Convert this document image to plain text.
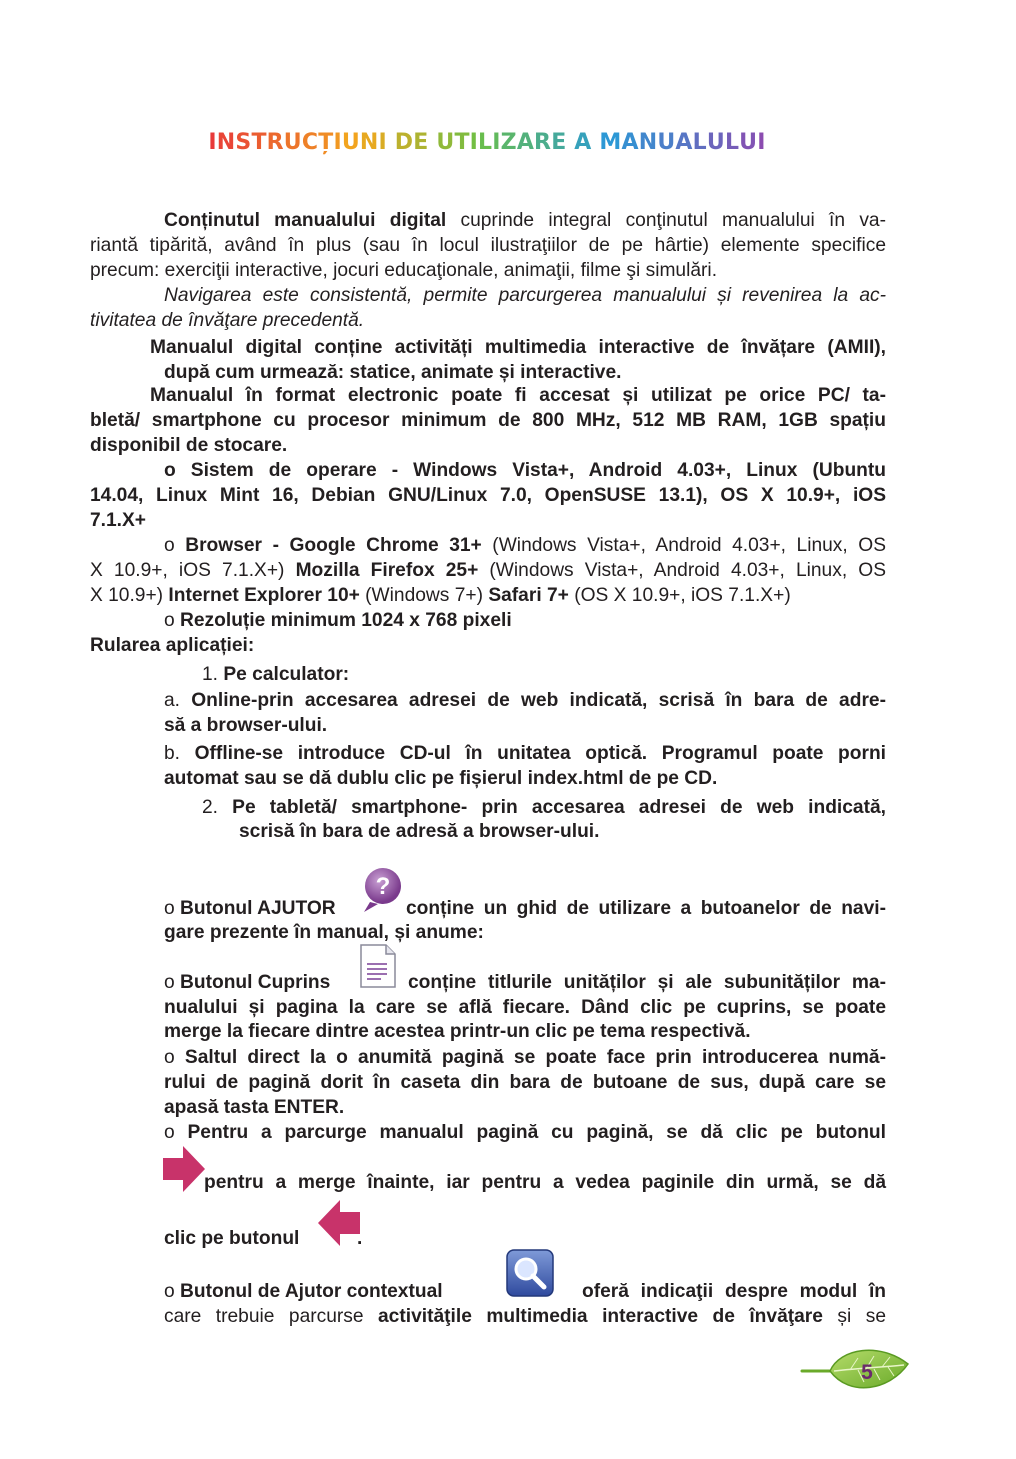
INSTRUCȚIUNI DE UTILIZARE A MANUALULUI
Conținutul manualului digital cuprinde integral conţinutul manualului în va-
riantă tipărită, având în plus (sau în locul ilustraţiilor de pe hârtie) elemente specifice
precum: exerciţii interactive, jocuri educaţionale, animaţii, filme şi simulări.
Navigarea este consistentă, permite parcurgerea manualului și revenirea la ac-
tivitatea de învăţare precedentă.
Manualul digital conține activități multimedia interactive de învățare (AMII),
după cum urmează: statice, animate și interactive.
Manualul în format electronic poate fi accesat și utilizat pe orice PC/ ta-
bletă/ smartphone cu procesor minimum de 800 MHz, 512 MB RAM, 1GB spațiu
disponibil de stocare.
o Sistem de operare - Windows Vista+, Android 4.03+, Linux (Ubuntu
14.04, Linux Mint 16, Debian GNU/Linux 7.0, OpenSUSE 13.1), OS X 10.9+, iOS
7.1.X+
o Browser - Google Chrome 31+ (Windows Vista+, Android 4.03+, Linux, OS
X 10.9+, iOS 7.1.X+) Mozilla Firefox 25+ (Windows Vista+, Android 4.03+, Linux, OS
X 10.9+) Internet Explorer 10+ (Windows 7+) Safari 7+ (OS X 10.9+, iOS 7.1.X+)
o Rezoluție minimum 1024 x 768 pixeli
Rularea aplicației:
1. Pe calculator:
a. Online-prin accesarea adresei de web indicată, scrisă în bara de adre-
să a browser-ului.
b. Offline-se introduce CD-ul în unitatea optică. Programul poate porni
automat sau se dă dublu clic pe fișierul index.html de pe CD.
2. Pe tabletă/ smartphone- prin accesarea adresei de web indicată,
scrisă în bara de adresă a browser-ului.
o Butonul AJUTOR
?
conține un ghid de utilizare a butoanelor de navi-
gare prezente în manual, și anume:
o Butonul Cuprins	conține titlurile unităților și ale subunităților ma-
nualului și pagina la care se află fiecare. Dând clic pe cuprins, se poate
merge la fiecare dintre acestea printr-un clic pe tema respectivă.
o Saltul direct la o anumită pagină se poate face prin introducerea numă-
rului de pagină dorit în caseta din bara de butoane de sus, după care se
apasă tasta ENTER.
o Pentru a parcurge manualul pagină cu pagină, se dă clic pe butonul
pentru a merge înainte, iar pentru a vedea paginile din urmă, se dă
clic pe butonul	.
o Butonul de Ajutor contextual	oferă indicaţii despre modul în
care trebuie parcurse activităţile multimedia interactive de învăţare și se
5
